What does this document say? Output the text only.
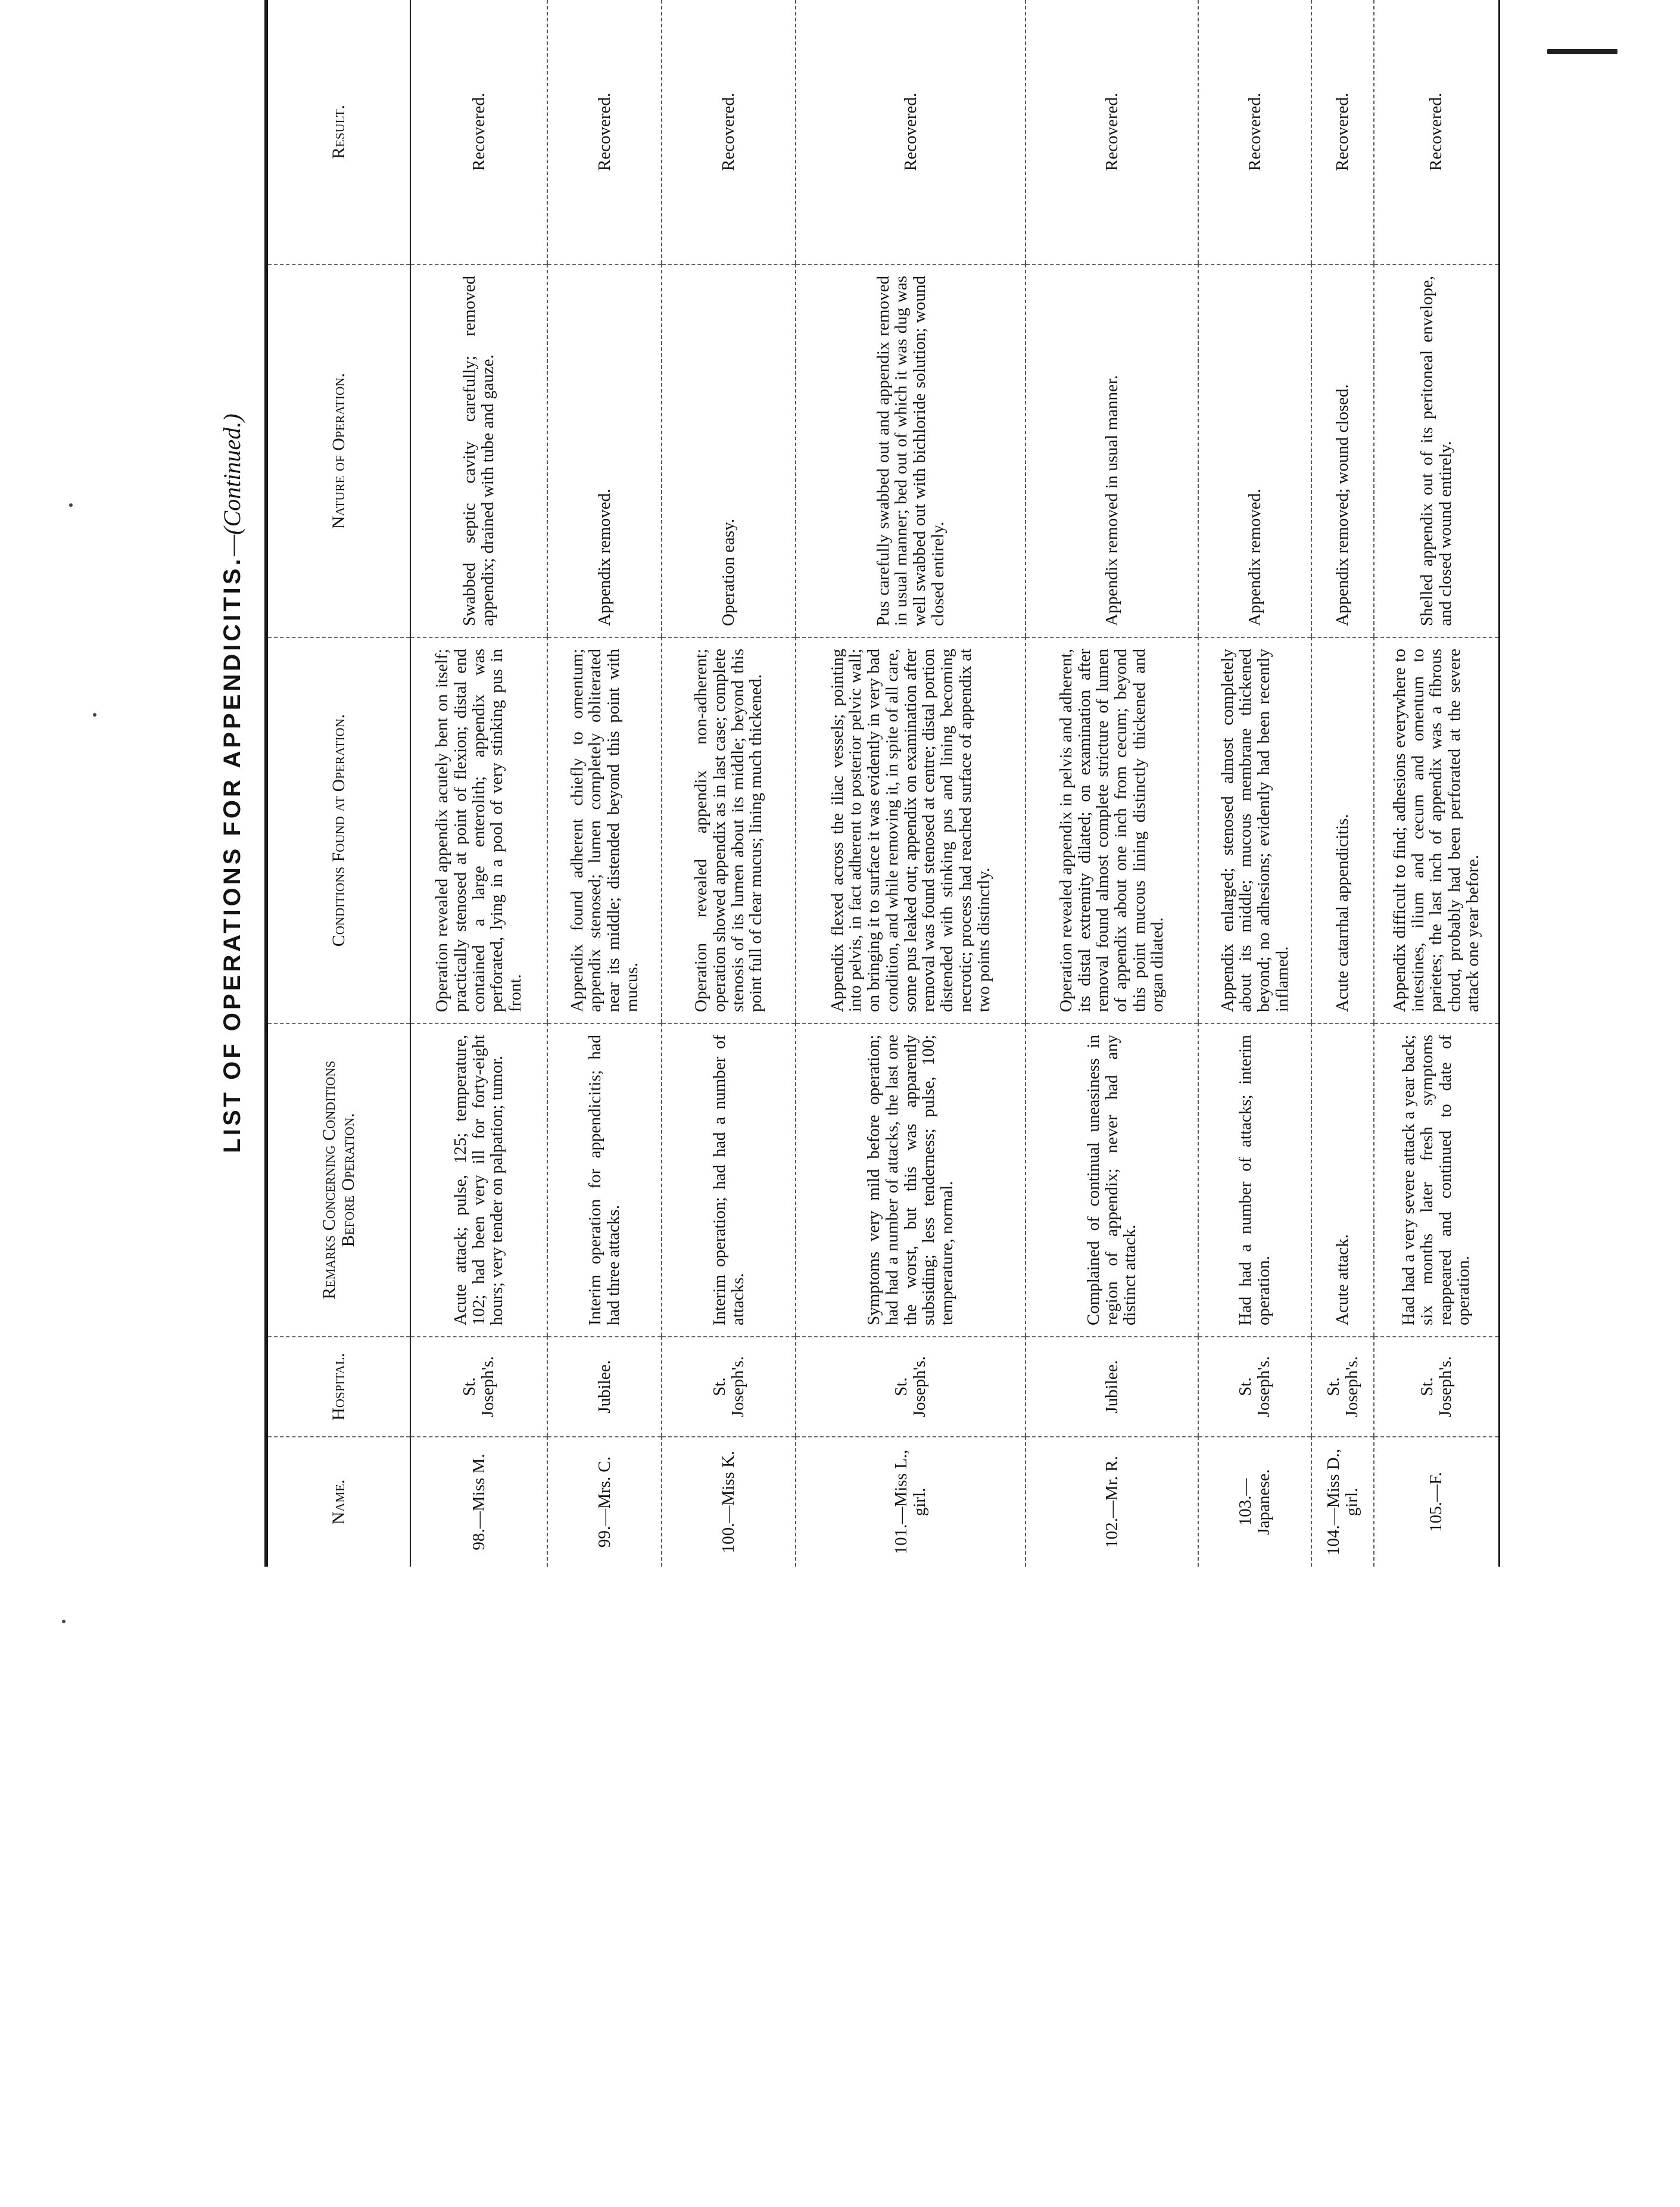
LIST OF OPERATIONS FOR APPENDICITIS.—(Continued.)
Name.	Hospital.	Remarks Concerning Conditions Before Operation.	Conditions Found at Operation.	Nature of Operation.	Result.
98.—Miss M.	St. Joseph's.	Acute attack; pulse, 125; temperature, 102; had been very ill for forty-eight hours; very tender on palpation; tumor.	Operation revealed appendix acutely bent on itself; practically stenosed at point of flexion; distal end contained a large enterolith; appendix was perforated, lying in a pool of very stinking pus in front.	Swabbed septic cavity carefully; removed appendix; drained with tube and gauze.	Recovered.
99.—Mrs. C.	Jubilee.	Interim operation for appendicitis; had had three attacks.	Appendix found adherent chiefly to omentum; appendix stenosed; lumen completely obliterated near its middle; distended beyond this point with mucus.	Appendix removed.	Recovered.
100.—Miss K.	St. Joseph's.	Interim operation; had had a number of attacks.	Operation revealed appendix non-adherent; operation showed appendix as in last case; complete stenosis of its lumen about its middle; beyond this point full of clear mucus; lining much thickened.	Operation easy.	Recovered.
101.—Miss L., girl.	St. Joseph's.	Symptoms very mild before operation; had had a number of attacks, the last one the worst, but this was apparently subsiding; less tenderness; pulse, 100; temperature, normal.	Appendix flexed across the iliac vessels; pointing into pelvis, in fact adherent to posterior pelvic wall; on bringing it to surface it was evidently in very bad condition, and while removing it, in spite of all care, some pus leaked out; appendix on examination after removal was found stenosed at centre; distal portion distended with stinking pus and lining becoming necrotic; process had reached surface of appendix at two points distinctly.	Pus carefully swabbed out and appendix removed in usual manner; bed out of which it was dug was well swabbed out with bichloride solution; wound closed entirely.	Recovered.
102.—Mr. R.	Jubilee.	Complained of continual uneasiness in region of appendix; never had any distinct attack.	Operation revealed appendix in pelvis and adherent, its distal extremity dilated; on examination after removal found almost complete stricture of lumen of appendix about one inch from cecum; beyond this point mucous lining distinctly thickened and organ dilated.	Appendix removed in usual manner.	Recovered.
103.—Japanese.	St. Joseph's.	Had had a number of attacks; interim operation.	Appendix enlarged; stenosed almost completely about its middle; mucous membrane thickened beyond; no adhesions; evidently had been recently inflamed.	Appendix removed.	Recovered.
104.—Miss D., girl.	St. Joseph's.	Acute attack.	Acute catarrhal appendicitis.	Appendix removed; wound closed.	Recovered.
105.—F.	St. Joseph's.	Had had a very severe attack a year back; six months later fresh symptoms reappeared and continued to date of operation.	Appendix difficult to find; adhesions everywhere to intestines, ilium and cecum and omentum to parietes; the last inch of appendix was a fibrous chord, probably had been perforated at the severe attack one year before.	Shelled appendix out of its peritoneal envelope, and closed wound entirely.	Recovered.
